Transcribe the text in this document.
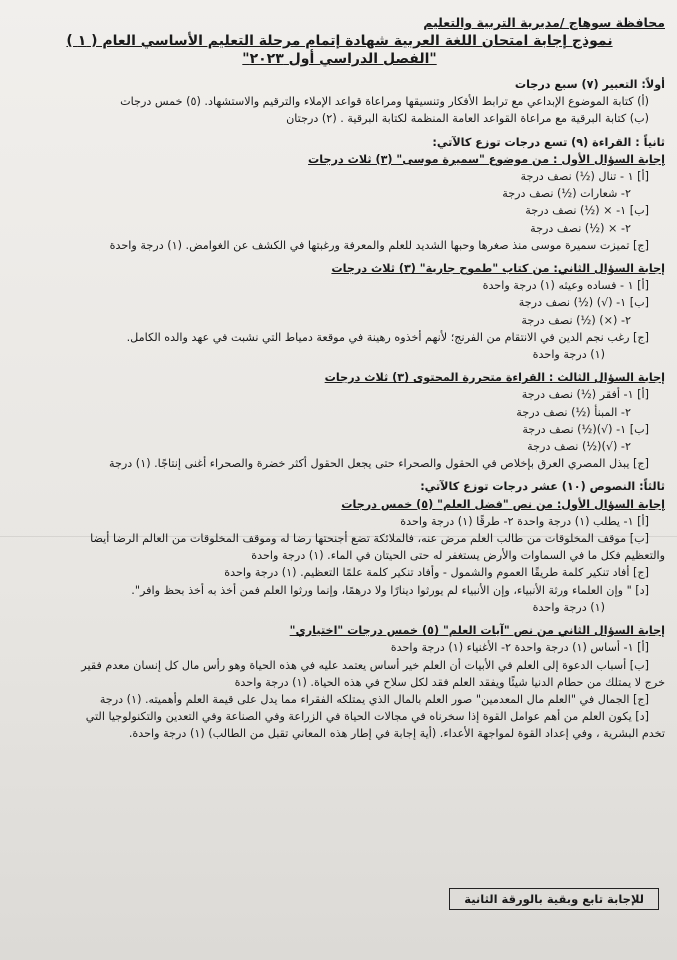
محافظة سوهاج /مديرية التربية والتعليم
نموذج إجابة امتحان اللغة العربية شهادة إتمام مرحلة التعليم الأساسي العام ( ١ )
"الفصل الدراسي أول ٢٠٢٣"
أولاً: التعبير (٧) سبع درجات
(أ) كتابة الموضوع الإبداعي مع ترابط الأفكار وتنسيقها ومراعاة قواعد الإملاء والترقيم والاستشهاد. (٥) خمس درجات
(ب) كتابة البرقية مع مراعاة القواعد العامة المنظمة لكتابة البرقية . (٢) درجتان
ثانياً : القراءة (٩) تسع درجات توزع كالآتي:
إجابة السؤال الأول : من موضوع "سميرة موسى" (٣) ثلاث درجات
[أ] ١ - تنال (½) نصف درجة
٢- شعارات (½) نصف درجة
[ب] ١- × (½) نصف درجة
٢- × (½) نصف درجة
[ج] تميزت سميرة موسى منذ صغرها وحبها الشديد للعلم والمعرفة ورغبتها في الكشف عن الغوامض. (١) درجة واحدة
إجابة السؤال الثاني: من كتاب "طموح جارية" (٣) ثلاث درجات
[أ] ١ - فساده وعيثه (١) درجة واحدة
[ب] ١- (√) (½) نصف درجة
٢- (×) (½) نصف درجة
[ج] رغب نجم الدين في الانتقام من الفرنج؛ لأنهم أخذوه رهينة في موقعة دمياط التي نشبت في عهد والده الكامل.
(١) درجة واحدة
إجابة السؤال الثالث : القراءة متحررة المحتوى (٣) ثلاث درجات
[أ] ١- أفقر (½) نصف درجة
٢- المبنأ (½) نصف درجة
[ب] ١- (√)(½) نصف درجة
٢- (√)(½) نصف درجة
[ج] يبذل المصري العرق بإخلاص في الحقول والصحراء حتى يجعل الحقول أكثر خضرة والصحراء أغنى إنتاجًا. (١) درجة
ثالثاً: النصوص (١٠) عشر درجات توزع كالآتي:
إجابة السؤال الأول: من نص "فضل العلم" (٥) خمس درجات
[أ] ١- يطلب (١) درجة واحدة ٢- طرقًا (١) درجة واحدة
[ب] موقف المخلوقات من طالب العلم مرض عنه، فالملائكة تضع أجنحتها رضا له وموقف المخلوقات من العالم الرضا أيضا
والتعظيم فكل ما في السماوات والأرض يستغفر له حتى الحيتان في الماء. (١) درجة واحدة
[ج] أفاد تنكير كلمة طريقًا العموم والشمول - وأفاد تنكير كلمة علمًا التعظيم. (١) درجة واحدة
[د] " وإن العلماء ورثة الأنبياء، وإن الأنبياء لم يورثوا دينارًا ولا درهمًا، وإنما ورثوا العلم فمن أخذ به أخذ بحظ وافر".
(١) درجة واحدة
إجابة السؤال الثاني من نص "آيات العلم" (٥) خمس درجات "اختياري"
[أ] ١- أساس (١) درجة واحدة ٢- الأغنياء (١) درجة واحدة
[ب] أسباب الدعوة إلى العلم في الأبيات أن العلم خير أساس يعتمد عليه في هذه الحياة وهو رأس مال كل إنسان معدم فقير
خرج لا يمتلك من حطام الدنيا شيئًا ويفقد العلم فقد لكل سلاح في هذه الحياة. (١) درجة واحدة
[ج] الجمال في "العلم مال المعدمين" صور العلم بالمال الذي يمتلكه الفقراء مما يدل على قيمة العلم وأهميته. (١) درجة
[د] يكون العلم من أهم عوامل القوة إذا سخرناه في مجالات الحياة في الزراعة وفي الصناعة وفي التعدين والتكنولوجيا التي
تخدم البشرية ، وفي إعداد القوة لمواجهة الأعداء. (أية إجابة في إطار هذه المعاني تقبل من الطالب) (١) درجة واحدة.
للإجابة تابع وبقية بالورقة الثانية
